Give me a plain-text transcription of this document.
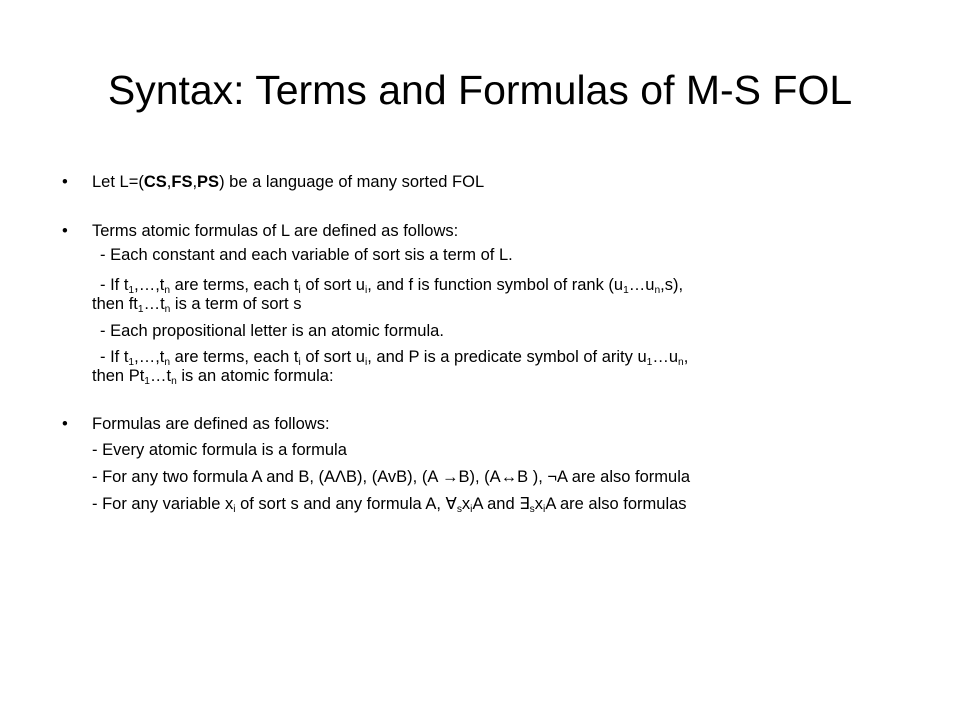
Syntax: Terms and Formulas of M-S FOL
• Let L=(CS,FS,PS) be a language of many sorted FOL
• Terms atomic formulas of L are defined as follows:
- Each constant and each variable of sort sis a term of L.
- If $t_1,\dots,t_n$ are terms, each $t_i$ of sort $u_i$, and f is function symbol of rank $(u_1\dots u_n,s)$,
then $ft_1\dots t_n$ is a term of sort s
- Each propositional letter is an atomic formula.
- If $t_1,\dots,t_n$ are terms, each $t_i$ of sort $u_i$, and P is a predicate symbol of arity $u_1\dots u_n$,
then $Pt_1\dots t_n$ is an atomic formula:
• Formulas are defined as follows:
- Every atomic formula is a formula
- For any two formula A and B, (AΛB), (AvB), (A →B), (A↔B ), ¬A are also formula
- For any variable $x_i$ of sort s and any formula A, $\forall_sx_iA$ and $\exists_sx_iA$ are also formulas
